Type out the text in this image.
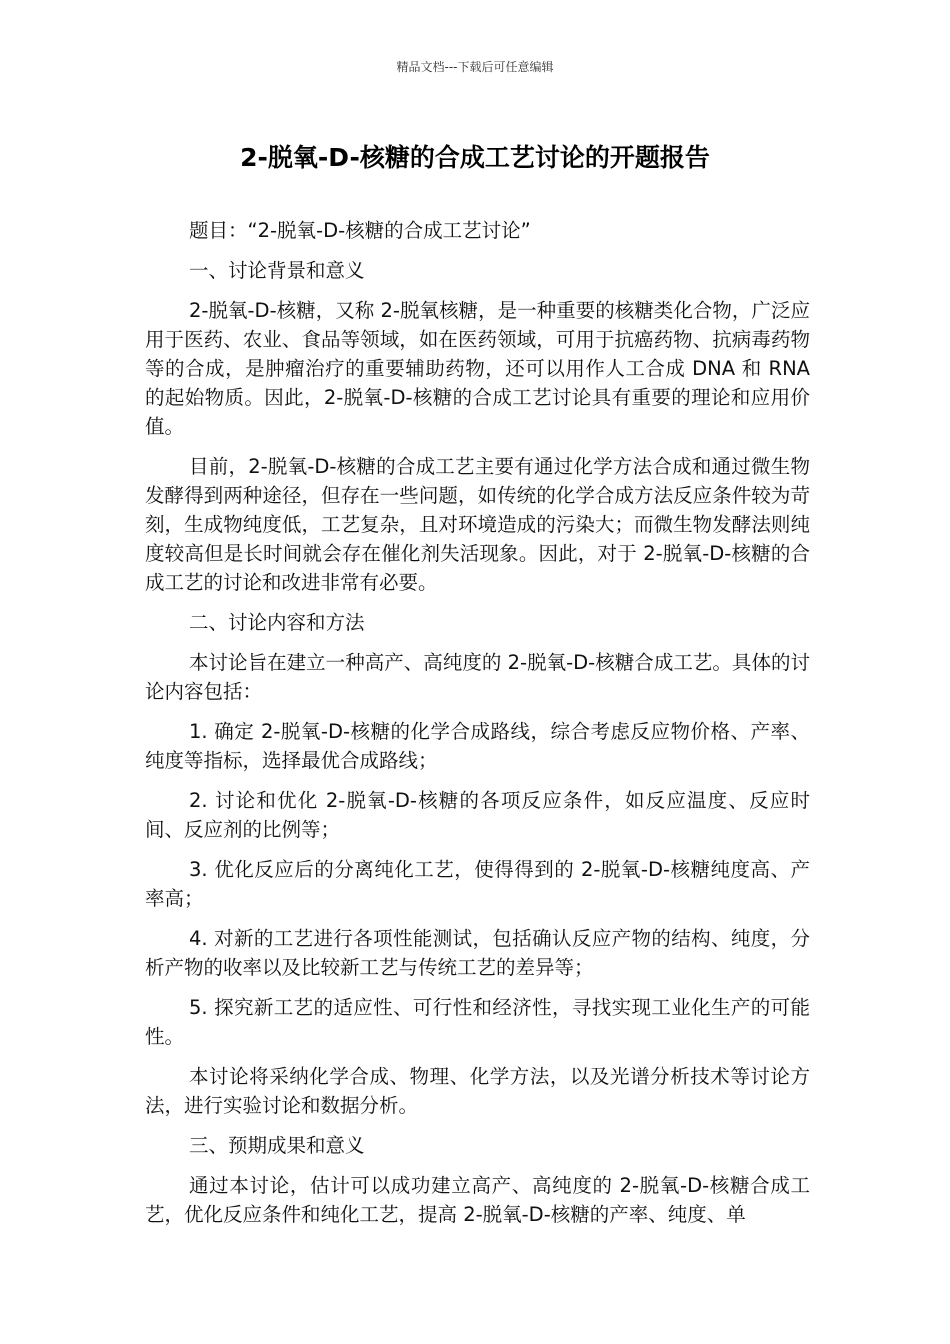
精品文档---下载后可任意编辑
2-脱氧-D-核糖的合成工艺讨论的开题报告

题目：“2-脱氧-D-核糖的合成工艺讨论”

一、讨论背景和意义

2-脱氧-D-核糖，又称 2-脱氧核糖，是一种重要的核糖类化合物，广泛应用于医药、农业、食品等领域，如在医药领域，可用于抗癌药物、抗病毒药物等的合成，是肿瘤治疗的重要辅助药物，还可以用作人工合成 DNA 和 RNA 的起始物质。因此，2-脱氧-D-核糖的合成工艺讨论具有重要的理论和应用价值。

目前，2-脱氧-D-核糖的合成工艺主要有通过化学方法合成和通过微生物发酵得到两种途径，但存在一些问题，如传统的化学合成方法反应条件较为苛刻，生成物纯度低，工艺复杂，且对环境造成的污染大；而微生物发酵法则纯度较高但是长时间就会存在催化剂失活现象。因此，对于 2-脱氧-D-核糖的合成工艺的讨论和改进非常有必要。

二、讨论内容和方法

本讨论旨在建立一种高产、高纯度的 2-脱氧-D-核糖合成工艺。具体的讨论内容包括：

1. 确定 2-脱氧-D-核糖的化学合成路线，综合考虑反应物价格、产率、纯度等指标，选择最优合成路线；

2. 讨论和优化 2-脱氧-D-核糖的各项反应条件，如反应温度、反应时间、反应剂的比例等；

3. 优化反应后的分离纯化工艺，使得得到的 2-脱氧-D-核糖纯度高、产率高；

4. 对新的工艺进行各项性能测试，包括确认反应产物的结构、纯度，分析产物的收率以及比较新工艺与传统工艺的差异等；

5. 探究新工艺的适应性、可行性和经济性，寻找实现工业化生产的可能性。

本讨论将采纳化学合成、物理、化学方法，以及光谱分析技术等讨论方法，进行实验讨论和数据分析。

三、预期成果和意义

通过本讨论，估计可以成功建立高产、高纯度的 2-脱氧-D-核糖合成工艺，优化反应条件和纯化工艺，提高 2-脱氧-D-核糖的产率、纯度、单
